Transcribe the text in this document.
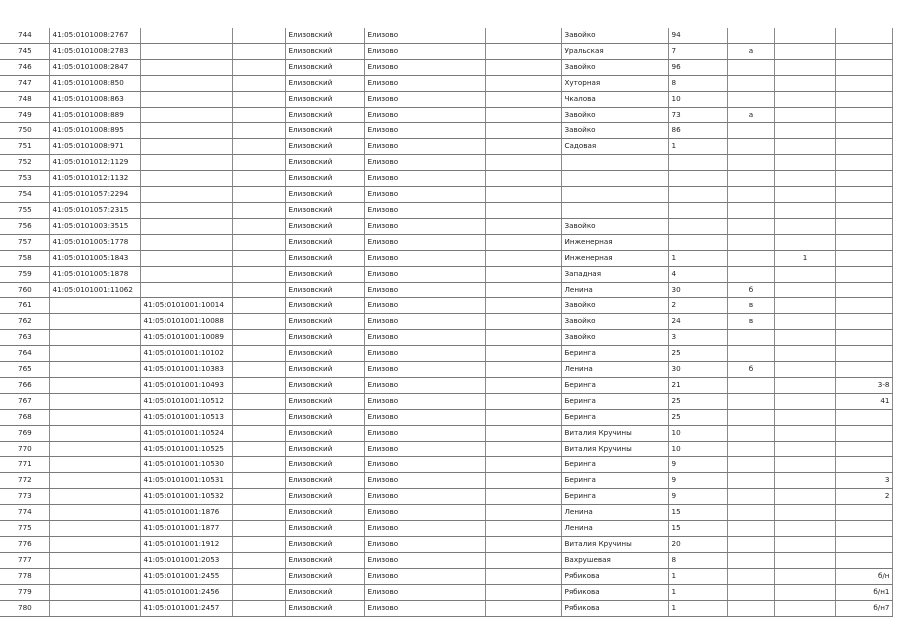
744	41:05:0101008:2767			Елизовский	Елизово		Завойко	94			
745	41:05:0101008:2783			Елизовский	Елизово		Уральская	7	а		
746	41:05:0101008:2847			Елизовский	Елизово		Завойко	96			
747	41:05:0101008:850			Елизовский	Елизово		Хуторная	8			
748	41:05:0101008:863			Елизовский	Елизово		Чкалова	10			
749	41:05:0101008:889			Елизовский	Елизово		Завойко	73	а		
750	41:05:0101008:895			Елизовский	Елизово		Завойко	86			
751	41:05:0101008:971			Елизовский	Елизово		Садовая	1			
752	41:05:0101012:1129			Елизовский	Елизово						
753	41:05:0101012:1132			Елизовский	Елизово						
754	41:05:0101057:2294			Елизовский	Елизово						
755	41:05:0101057:2315			Елизовский	Елизово						
756	41:05:0101003:3515			Елизовский	Елизово		Завойко				
757	41:05:0101005:1778			Елизовский	Елизово		Инженерная				
758	41:05:0101005:1843			Елизовский	Елизово		Инженерная	1		1	
759	41:05:0101005:1878			Елизовский	Елизово		Западная	4			
760	41:05:0101001:11062			Елизовский	Елизово		Ленина	30	б		
761		41:05:0101001:10014		Елизовский	Елизово		Завойко	2	в		
762		41:05:0101001:10088		Елизовский	Елизово		Завойко	24	в		
763		41:05:0101001:10089		Елизовский	Елизово		Завойко	3			
764		41:05:0101001:10102		Елизовский	Елизово		Беринга	25			
765		41:05:0101001:10383		Елизовский	Елизово		Ленина	30	б		
766		41:05:0101001:10493		Елизовский	Елизово		Беринга	21			3-8
767		41:05:0101001:10512		Елизовский	Елизово		Беринга	25			41
768		41:05:0101001:10513		Елизовский	Елизово		Беринга	25			
769		41:05:0101001:10524		Елизовский	Елизово		Виталия Кручины	10			
770		41:05:0101001:10525		Елизовский	Елизово		Виталия Кручины	10			
771		41:05:0101001:10530		Елизовский	Елизово		Беринга	9			
772		41:05:0101001:10531		Елизовский	Елизово		Беринга	9			3
773		41:05:0101001:10532		Елизовский	Елизово		Беринга	9			2
774		41:05:0101001:1876		Елизовский	Елизово		Ленина	15			
775		41:05:0101001:1877		Елизовский	Елизово		Ленина	15			
776		41:05:0101001:1912		Елизовский	Елизово		Виталия Кручины	20			
777		41:05:0101001:2053		Елизовский	Елизово		Вахрушевая	8			
778		41:05:0101001:2455		Елизовский	Елизово		Рябикова	1			б/н
779		41:05:0101001:2456		Елизовский	Елизово		Рябикова	1			б/н1
780		41:05:0101001:2457		Елизовский	Елизово		Рябикова	1			б/н7
